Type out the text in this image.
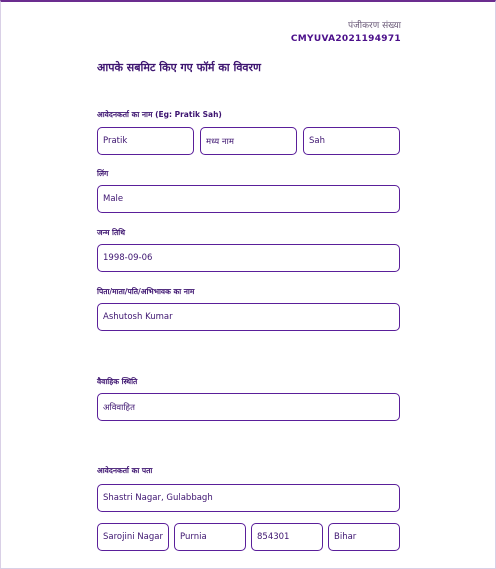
पंजीकरण संख्या
CMYUVA2021194971
आपके सबमिट किए गए फॉर्म का विवरण
आवेदनकर्ता का नाम (Eg: Pratik Sah)
Pratik	मध्य नाम	Sah
लिंग
Male
जन्म तिथि
1998-09-06
पिता/माता/पति/अभिभावक का नाम
Ashutosh Kumar
वैवाहिक स्थिति
अविवाहित
आवेदनकर्ता का पता
Shastri Nagar, Gulabbagh
Sarojini Nagar	Purnia	854301	Bihar
